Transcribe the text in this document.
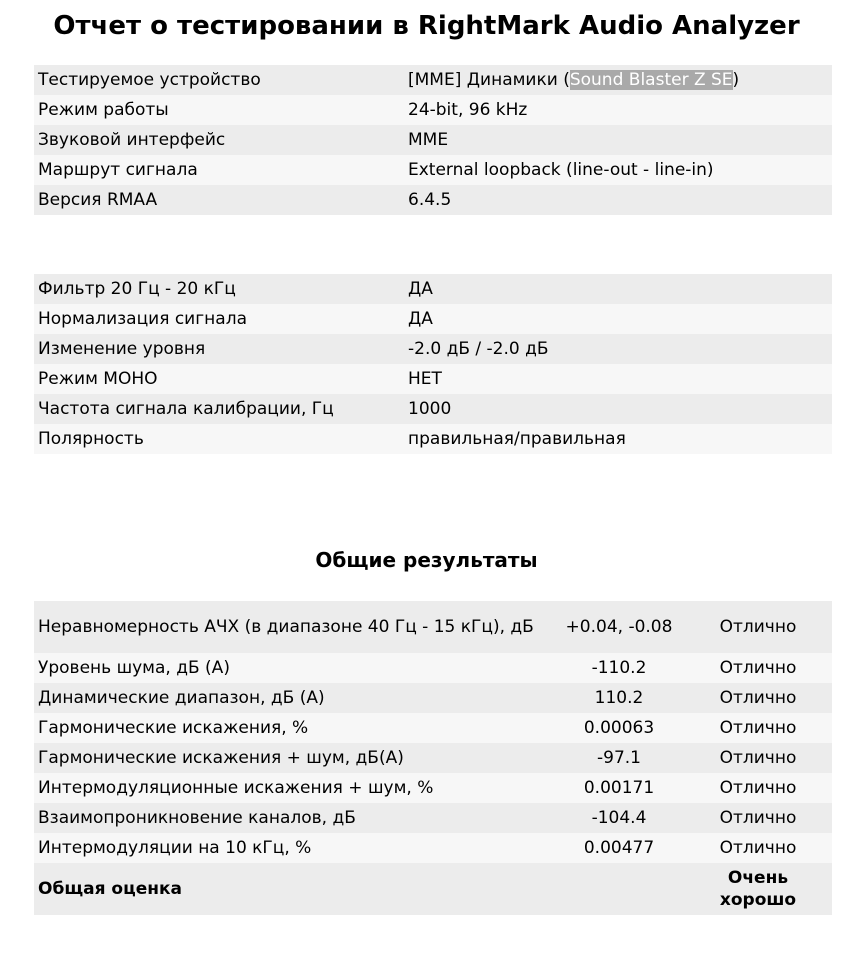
Отчет о тестировании в RightMark Audio Analyzer
Тестируемое устройство	[MME] Динамики (Sound Blaster Z SE)
Режим работы	24-bit, 96 kHz
Звуковой интерфейс	MME
Маршрут сигнала	External loopback (line-out - line-in)
Версия RMAA	6.4.5
Фильтр 20 Гц - 20 кГц	ДА
Нормализация сигнала	ДА
Изменение уровня	-2.0 дБ / -2.0 дБ
Режим МОНО	НЕТ
Частота сигнала калибрации, Гц	1000
Полярность	правильная/правильная
Общие результаты
Неравномерность АЧХ (в диапазоне 40 Гц - 15 кГц), дБ	+0.04, -0.08	Отлично
Уровень шума, дБ (А)	-110.2	Отлично
Динамические диапазон, дБ (А)	110.2	Отлично
Гармонические искажения, %	0.00063	Отлично
Гармонические искажения + шум, дБ(А)	-97.1	Отлично
Интермодуляционные искажения + шум, %	0.00171	Отлично
Взаимопроникновение каналов, дБ	-104.4	Отлично
Интермодуляции на 10 кГц, %	0.00477	Отлично
Общая оценка		Очень хорошо
